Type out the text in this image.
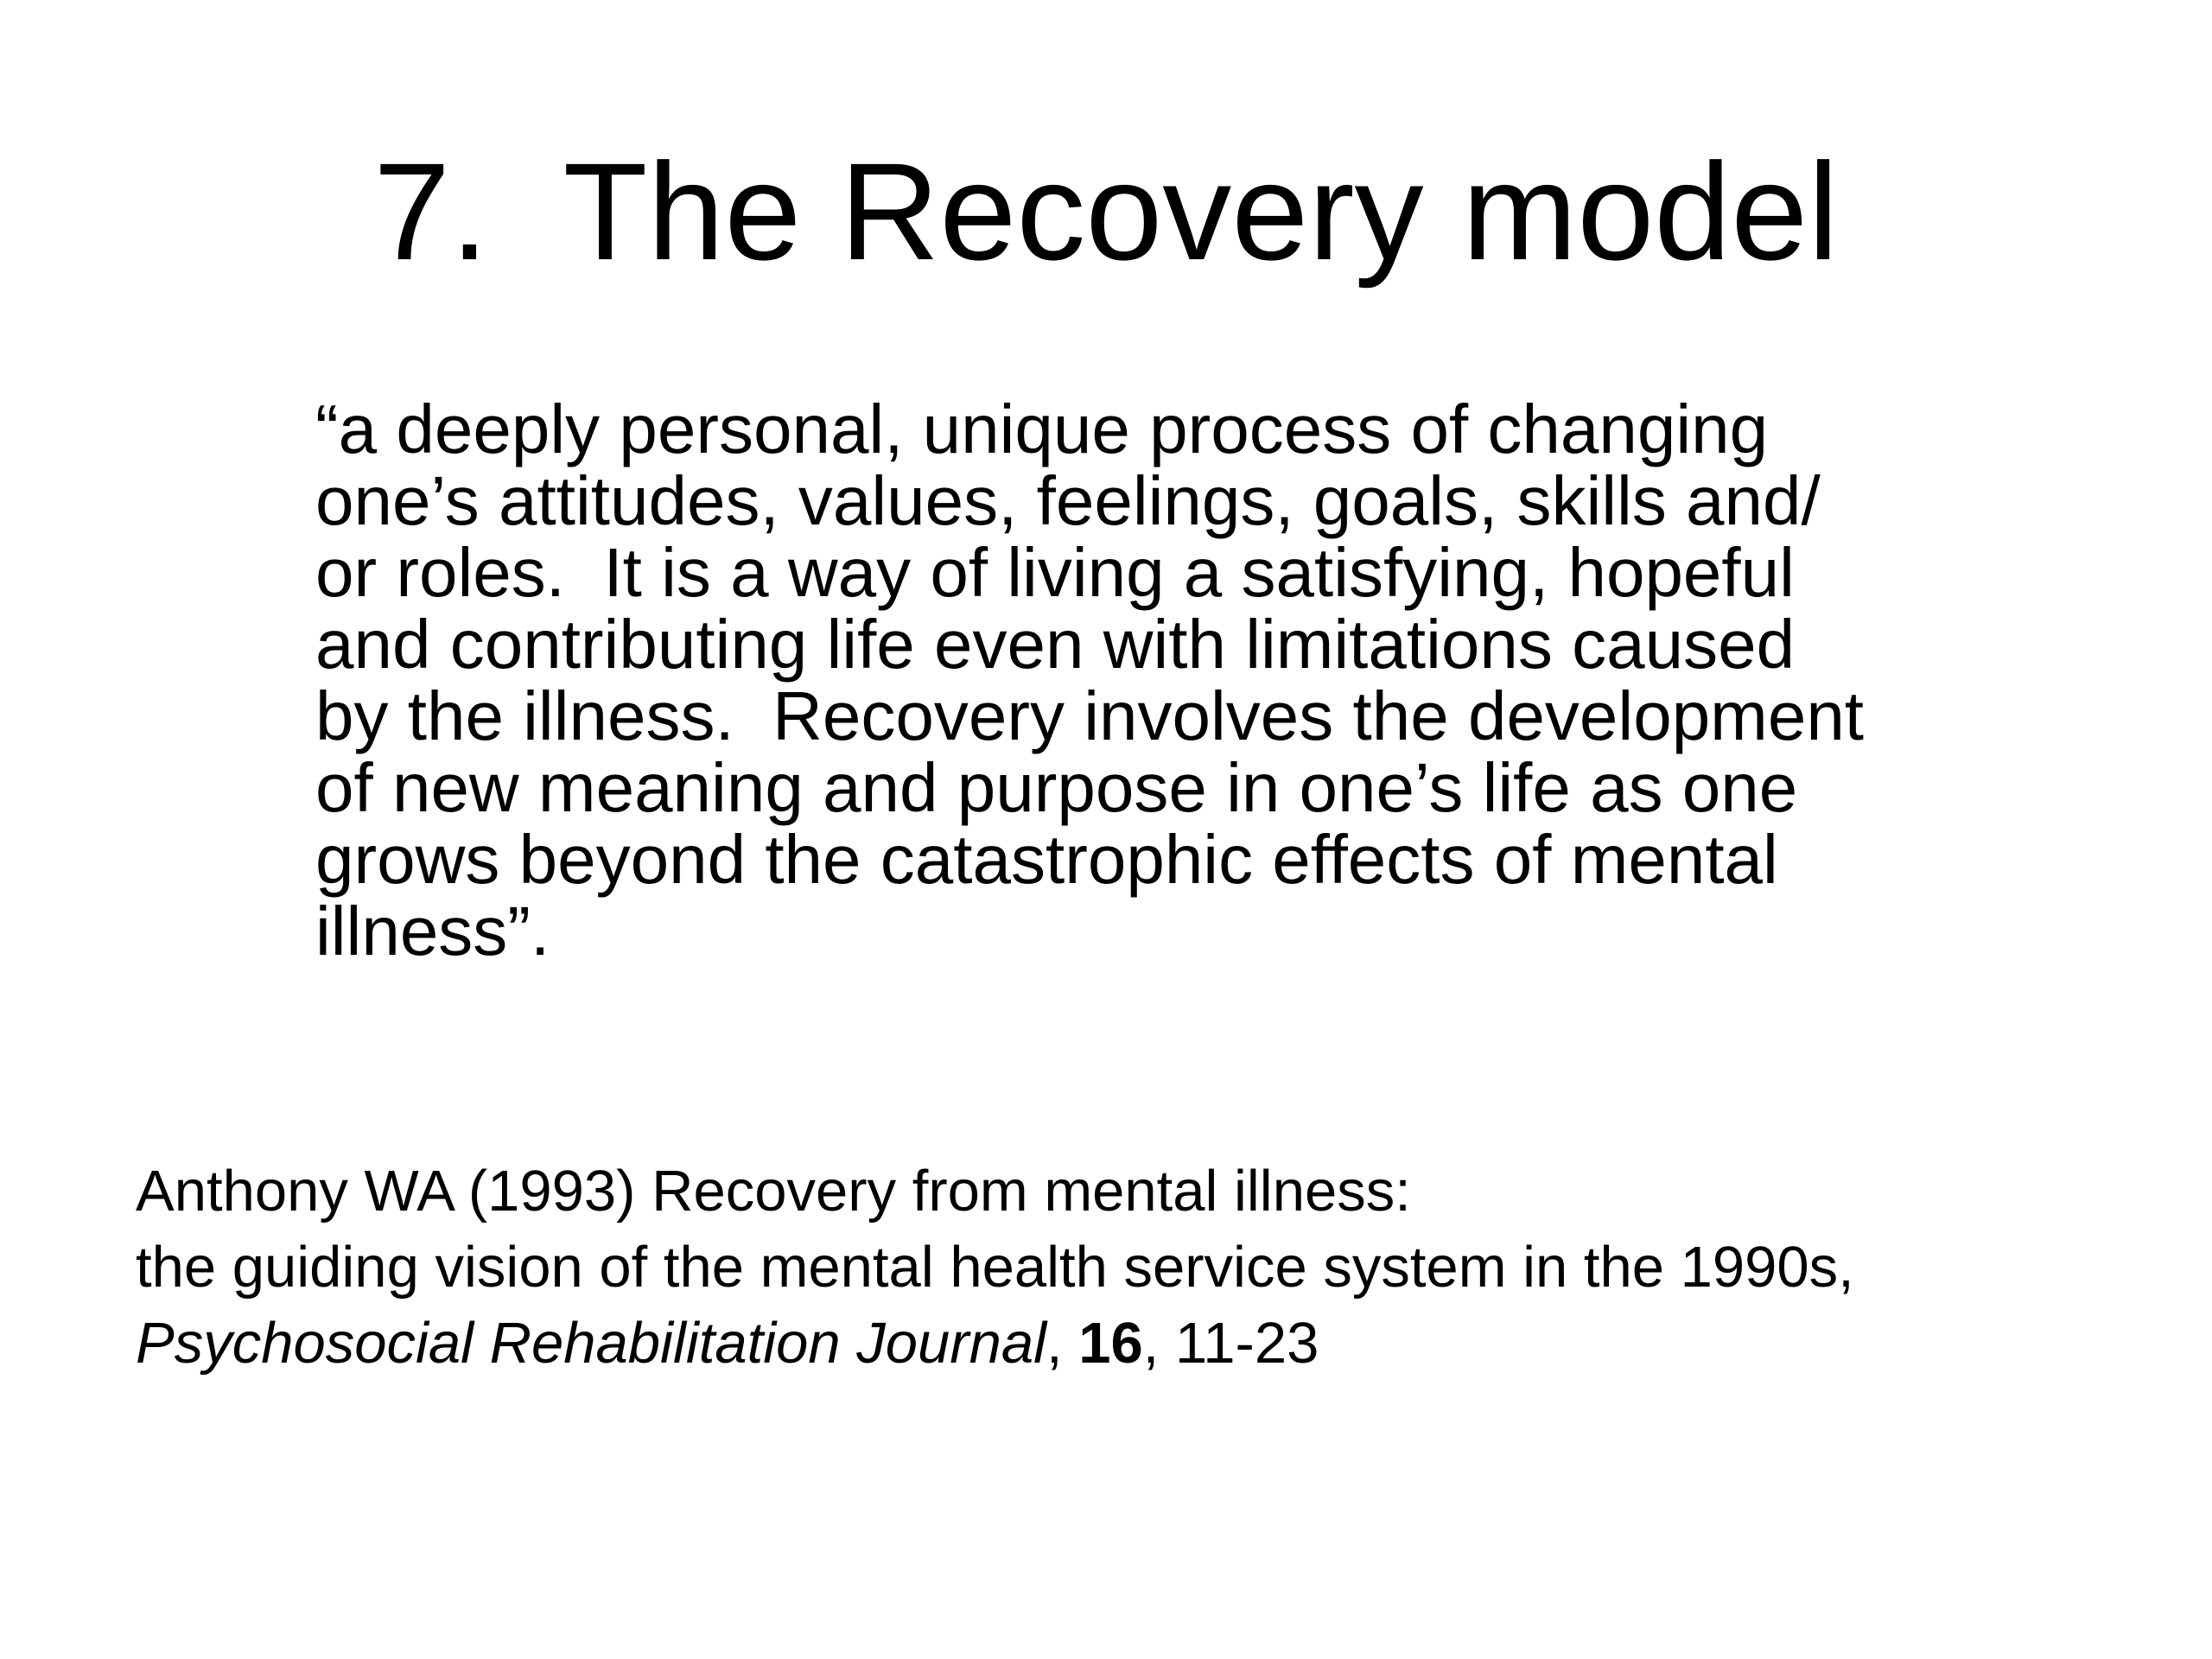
7.  The Recovery model
“a deeply personal, unique process of changing
one’s attitudes, values, feelings, goals, skills and/
or roles.  It is a way of living a satisfying, hopeful
and contributing life even with limitations caused
by the illness.  Recovery involves the development
of new meaning and purpose in one’s life as one
grows beyond the catastrophic effects of mental
illness”.
Anthony WA (1993) Recovery from mental illness:
the guiding vision of the mental health service system in the 1990s,
Psychosocial Rehabilitation Journal, 16, 11-23
